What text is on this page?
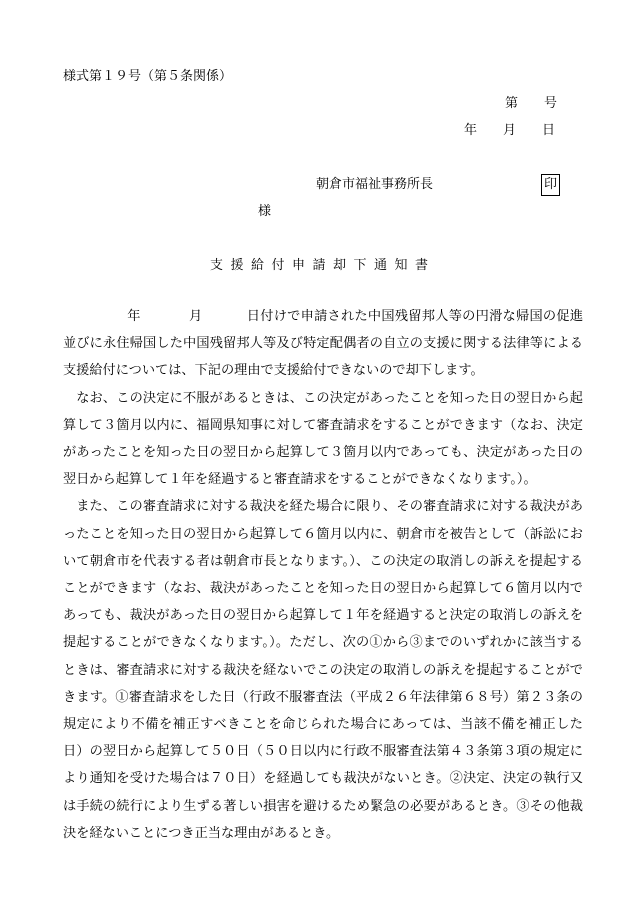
様式第１９号（第５条関係）
第　　号
年　　月　　日
朝倉市福祉事務所長	印
様
支援給付申請却下通知書

年	月	日付けで申請された中国残留邦人等の円滑な帰国の促進並びに永住帰国した中国残留邦人等及び特定配偶者の自立の支援に関する法律等による支援給付については、下記の理由で支援給付できないので却下します。

なお、この決定に不服があるときは、この決定があったことを知った日の翌日から起算して３箇月以内に、福岡県知事に対して審査請求をすることができます（なお、決定があったことを知った日の翌日から起算して３箇月以内であっても、決定があった日の翌日から起算して１年を経過すると審査請求をすることができなくなります。）。

また、この審査請求に対する裁決を経た場合に限り、その審査請求に対する裁決があったことを知った日の翌日から起算して６箇月以内に、朝倉市を被告として（訴訟において朝倉市を代表する者は朝倉市長となります。）、この決定の取消しの訴えを提起することができます（なお、裁決があったことを知った日の翌日から起算して６箇月以内であっても、裁決があった日の翌日から起算して１年を経過すると決定の取消しの訴えを提起することができなくなります。）。ただし、次の①から③までのいずれかに該当するときは、審査請求に対する裁決を経ないでこの決定の取消しの訴えを提起することができます。①審査請求をした日（行政不服審査法（平成２６年法律第６８号）第２３条の規定により不備を補正すべきことを命じられた場合にあっては、当該不備を補正した日）の翌日から起算して５０日（５０日以内に行政不服審査法第４３条第３項の規定により通知を受けた場合は７０日）を経過しても裁決がないとき。②決定、決定の執行又は手続の続行により生ずる著しい損害を避けるため緊急の必要があるとき。③その他裁決を経ないことにつき正当な理由があるとき。
